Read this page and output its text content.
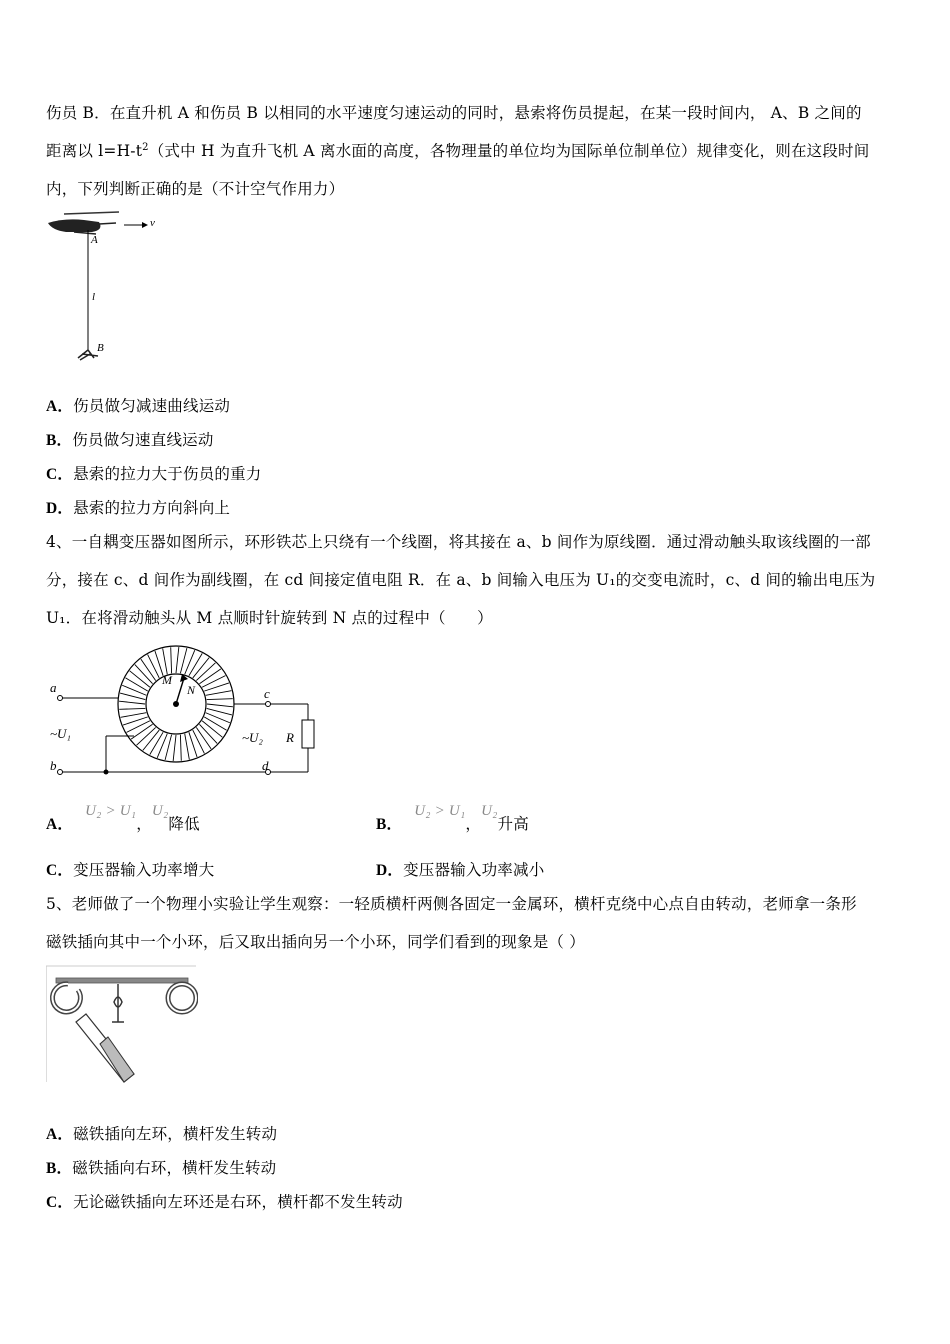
伤员 B．在直升机 A 和伤员 B 以相同的水平速度匀速运动的同时，悬索将伤员提起，在某一段时间内， A、B 之间的
距离以 $l=H-t^2$（式中 H 为直升飞机 A 离水面的高度，各物理量的单位均为国际单位制单位）规律变化，则在这段时间
内，下列判断正确的是（不计空气作用力）
v
A
l
B
A．伤员做匀减速曲线运动
B．伤员做匀速直线运动
C．悬索的拉力大于伤员的重力
D．悬索的拉力方向斜向上
4、一自耦变压器如图所示，环形铁芯上只绕有一个线圈，将其接在 a、b 间作为原线圈．通过滑动触头取该线圈的一部
分，接在 c、d 间作为副线圈，在 cd 间接定值电阻 R．在 a、b 间输入电压为 U₁的交变电流时，c、d 间的输出电压为
U₁．在将滑动触头从 M 点顺时针旋转到 N 点的过程中（　　）
M
N
a
b
~U₁
c
d
~U₂ R
A．U₂ > U₁，U₂降低	B．U₂ > U₁，U₂升高
C．变压器输入功率增大	D．变压器输入功率减小
5、老师做了一个物理小实验让学生观察：一轻质横杆两侧各固定一金属环，横杆克绕中心点自由转动，老师拿一条形
磁铁插向其中一个小环，后又取出插向另一个小环，同学们看到的现象是（ ）
A．磁铁插向左环，横杆发生转动
B．磁铁插向右环，横杆发生转动
C．无论磁铁插向左环还是右环，横杆都不发生转动
